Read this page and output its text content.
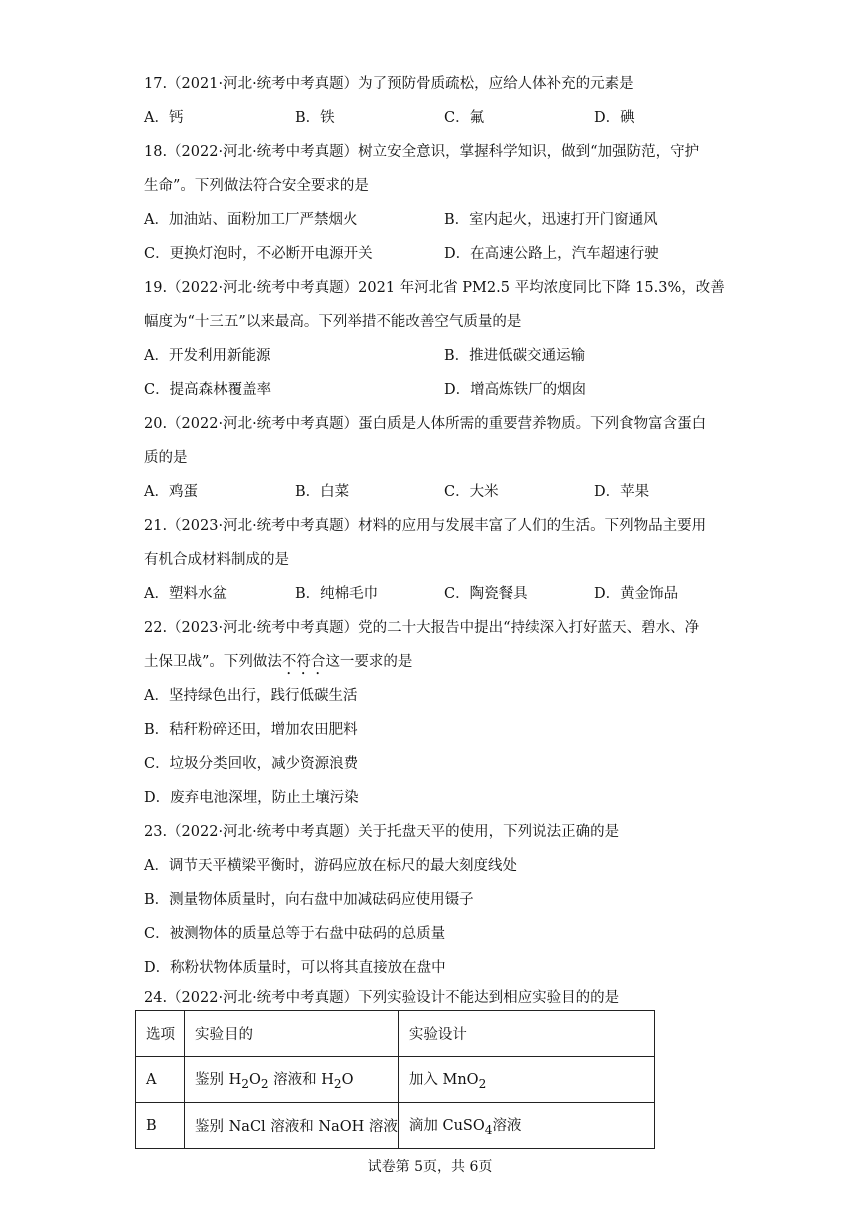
17.（2021·河北·统考中考真题）为了预防骨质疏松，应给人体补充的元素是
A．钙	B．铁	C．氟	D．碘
18.（2022·河北·统考中考真题）树立安全意识，掌握科学知识，做到“加强防范，守护
生命”。下列做法符合安全要求的是
A．加油站、面粉加工厂严禁烟火	B．室内起火，迅速打开门窗通风
C．更换灯泡时，不必断开电源开关	D．在高速公路上，汽车超速行驶
19.（2022·河北·统考中考真题）2021 年河北省 PM2.5 平均浓度同比下降 15.3%，改善
幅度为“十三五”以来最高。下列举措不能改善空气质量的是
A．开发利用新能源	B．推进低碳交通运输
C．提高森林覆盖率	D．增高炼铁厂的烟囱
20.（2022·河北·统考中考真题）蛋白质是人体所需的重要营养物质。下列食物富含蛋白
质的是
A．鸡蛋	B．白菜	C．大米	D．苹果
21.（2023·河北·统考中考真题）材料的应用与发展丰富了人们的生活。下列物品主要用
有机合成材料制成的是
A．塑料水盆	B．纯棉毛巾	C．陶瓷餐具	D．黄金饰品
22.（2023·河北·统考中考真题）党的二十大报告中提出“持续深入打好蓝天、碧水、净
土保卫战”。下列做法不符合这一要求的是
A．坚持绿色出行，践行低碳生活
B．秸秆粉碎还田，增加农田肥料
C．垃圾分类回收，减少资源浪费
D．废弃电池深埋，防止土壤污染
23.（2022·河北·统考中考真题）关于托盘天平的使用，下列说法正确的是
A．调节天平横梁平衡时，游码应放在标尺的最大刻度线处
B．测量物体质量时，向右盘中加减砝码应使用镊子
C．被测物体的质量总等于右盘中砝码的总质量
D．称粉状物体质量时，可以将其直接放在盘中
24.（2022·河北·统考中考真题）下列实验设计不能达到相应实验目的的是
选项	实验目的	实验设计
A	鉴别 $H_2O_2$ 溶液和 $H_2O$	加入 MnO$_2$
B	鉴别 NaCl 溶液和 NaOH 溶液	滴加 CuSO$_4$溶液
试卷第 5页，共 6页
